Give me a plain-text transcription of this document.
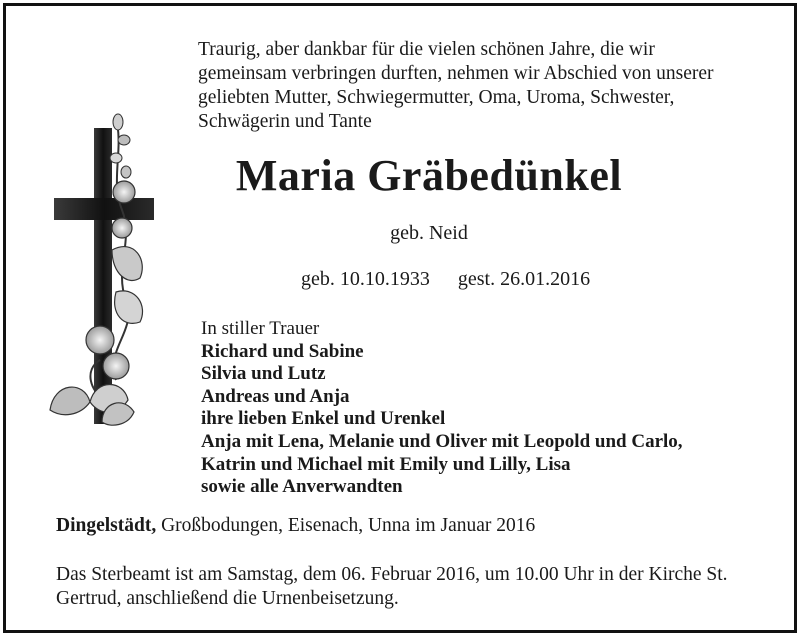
Traurig, aber dankbar für die vielen schönen Jahre, die wir
gemeinsam verbringen durften, nehmen wir Abschied von unserer
geliebten Mutter, Schwiegermutter, Oma, Uroma, Schwester,
Schwägerin und Tante
Maria Gräbedünkel
geb. Neid
geb. 10.10.1933 gest. 26.01.2016
In stiller Trauer
Richard und Sabine
Silvia und Lutz
Andreas und Anja
ihre lieben Enkel und Urenkel
Anja mit Lena, Melanie und Oliver mit Leopold und Carlo,
Katrin und Michael mit Emily und Lilly, Lisa
sowie alle Anverwandten
Dingelstädt, Großbodungen, Eisenach, Unna im Januar 2016
Das Sterbeamt ist am Samstag, dem 06. Februar 2016, um 10.00 Uhr in der Kirche St.
Gertrud, anschließend die Urnenbeisetzung.
